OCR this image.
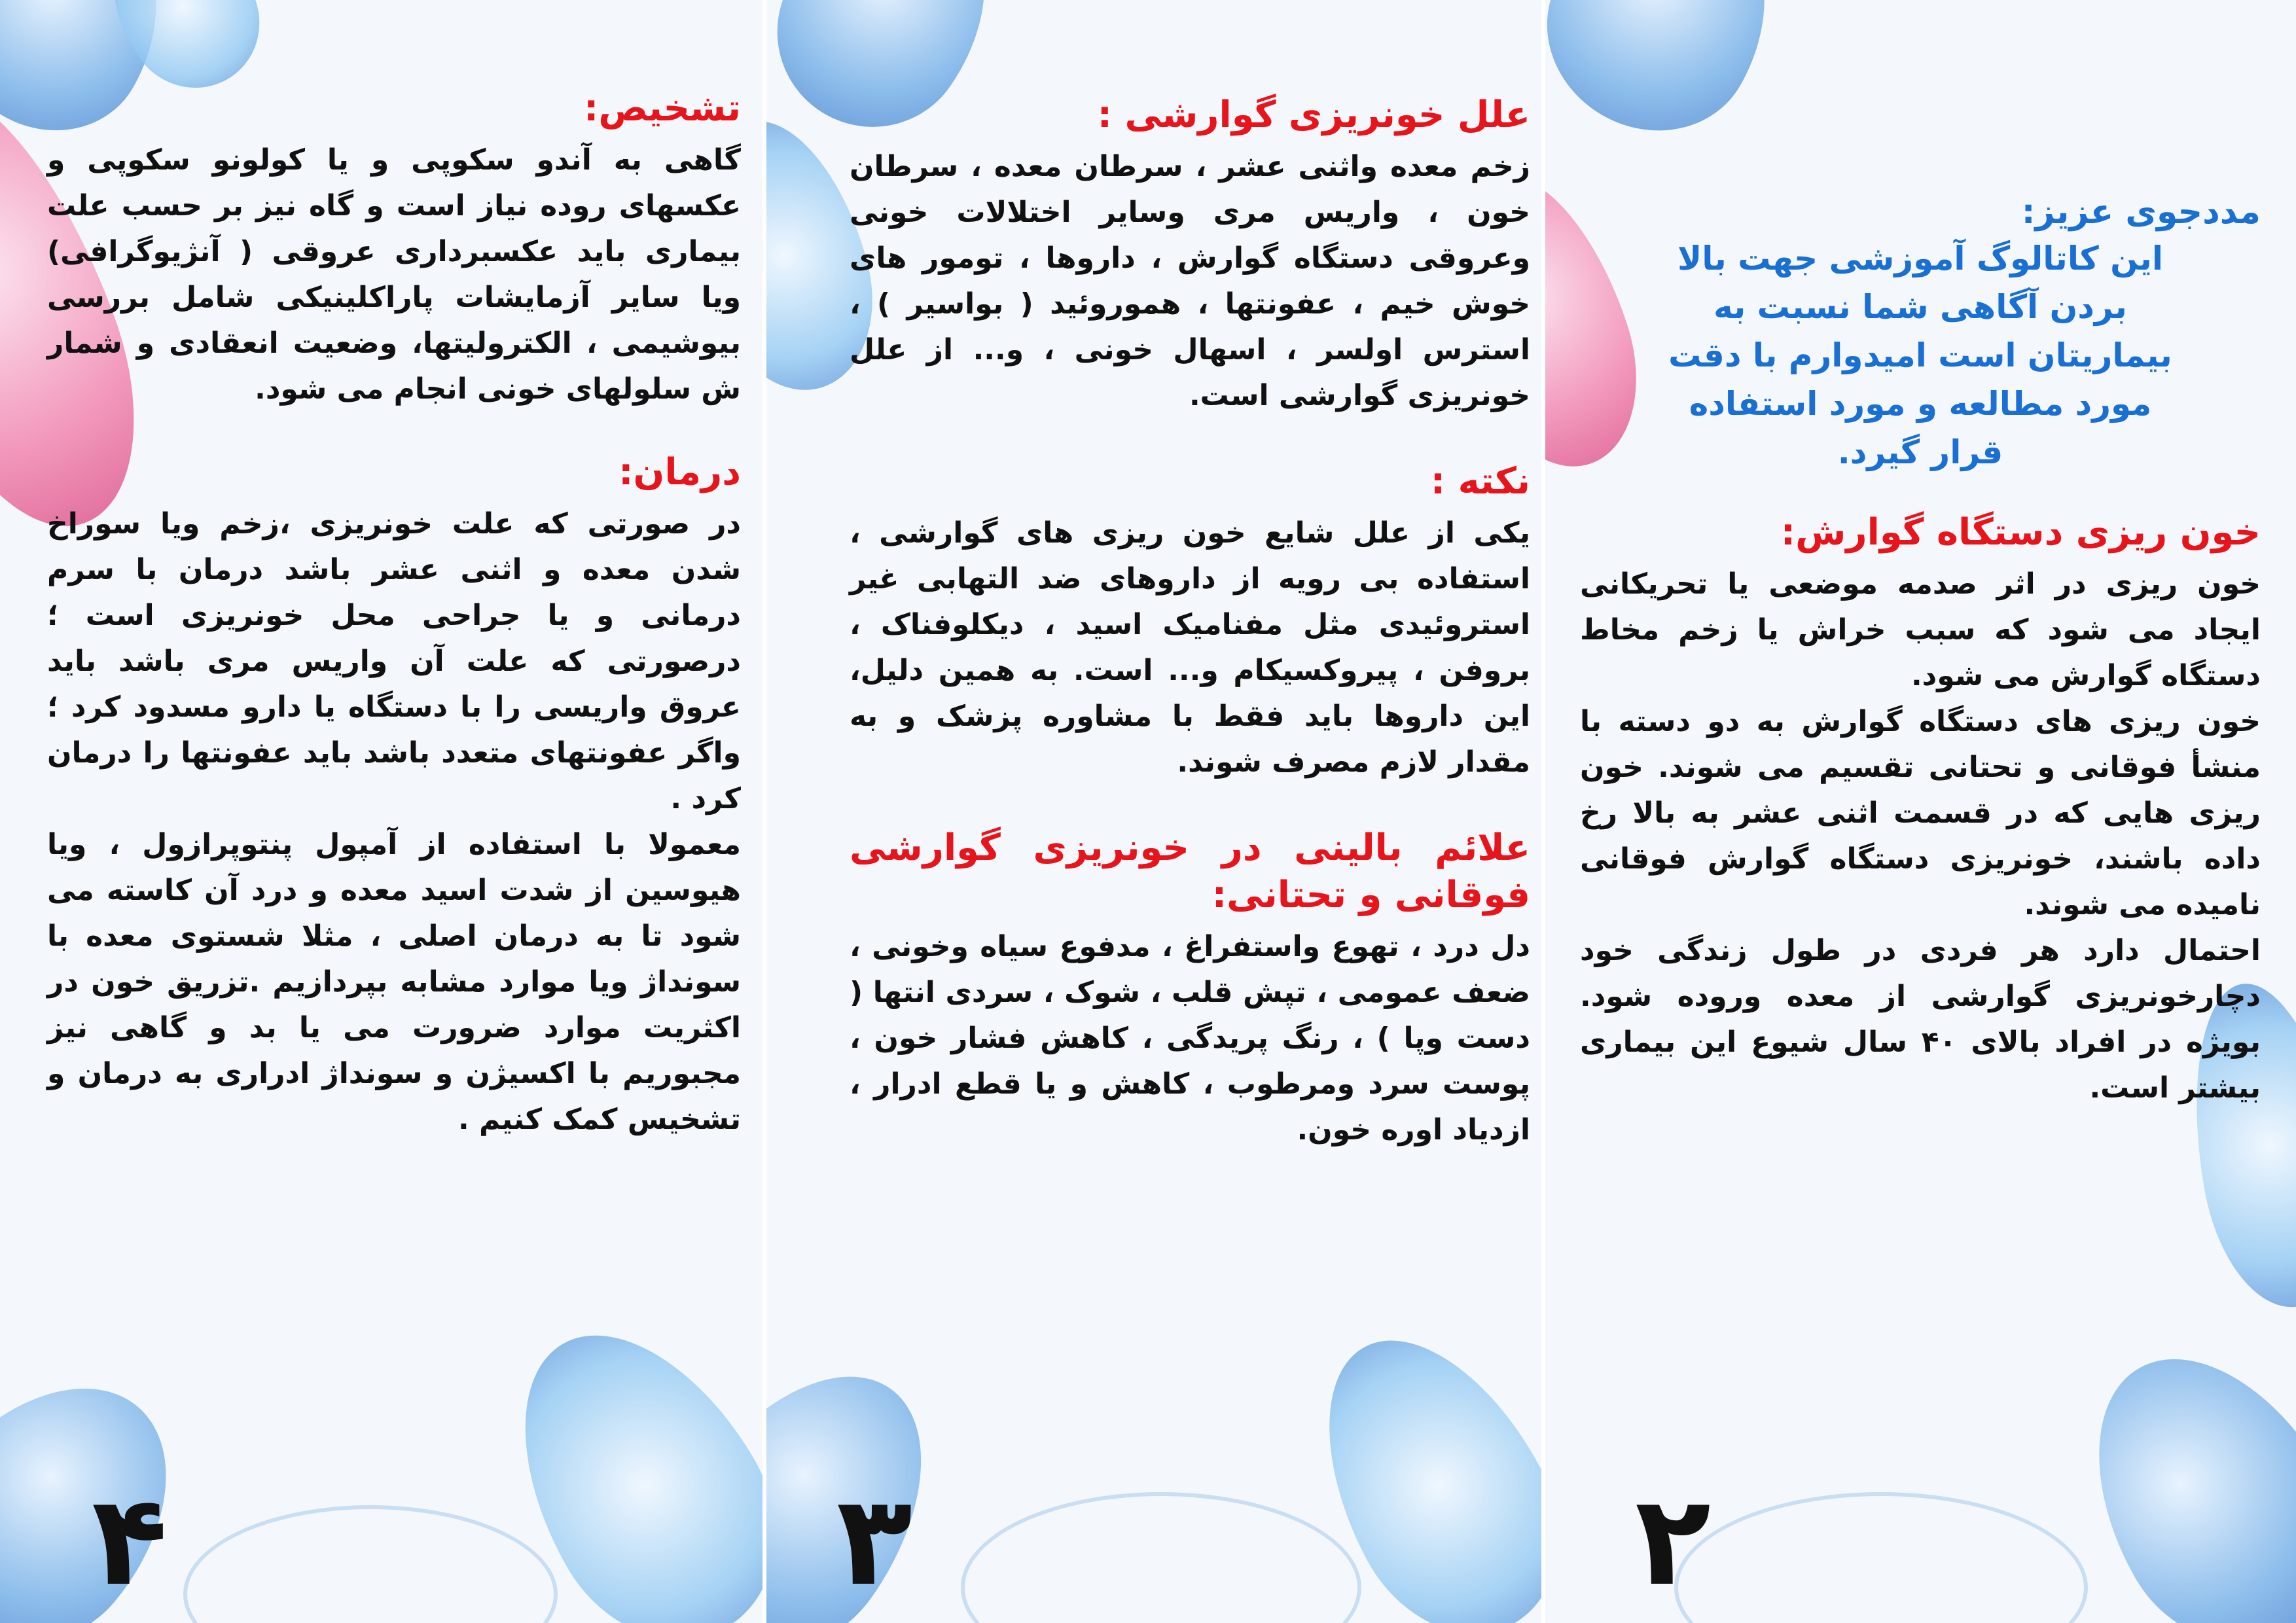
تشخیص:

گاهی به آندو سکوپی و یا کولونو سکوپی و عکسهای روده نیاز است و گاه نیز بر حسب علت بیماری باید عکسبرداری عروقی ( آنژیوگرافی) ویا سایر آزمایشات پاراکلینیکی شامل بررسی بیوشیمی ، الکترولیتها، وضعیت انعقادی و شمار ش سلولهای خونی انجام می شود.

درمان:

در صورتی که علت خونریزی ،زخم ویا سوراخ شدن معده و اثنی عشر باشد درمان با سرم درمانی و یا جراحی محل خونریزی است ؛ درصورتی که علت آن واریس مری باشد باید عروق واریسی را با دستگاه یا دارو مسدود کرد ؛ واگر عفونتهای متعدد باشد باید عفونتها را درمان کرد .

معمولا با استفاده از آمپول پنتوپرازول ، ویا هیوسین از شدت اسید معده و درد آن کاسته می شود تا به درمان اصلی ، مثلا شستوی معده با سونداژ ویا موارد مشابه بپردازیم .تزریق خون در اکثریت موارد ضرورت می یا بد و گاهی نیز مجبوریم با اکسیژن و سونداژ ادراری به درمان و تشخیس کمک کنیم .

۴
علل خونریزی گوارشی :

زخم معده واثنی عشر ، سرطان معده ، سرطان خون ، واریس مری وسایر اختلالات خونی وعروقی دستگاه گوارش ، داروها ، تومور های خوش خیم ، عفونتها ، هموروئید ( بواسیر ) ، استرس اولسر ، اسهال خونی ، و... از علل خونریزی گوارشی است.

نکته :

یکی از علل شایع خون ریزی های گوارشی ، استفاده بی رویه از داروهای ضد التهابی غیر استروئیدی مثل مفنامیک اسید ، دیکلوفناک ، بروفن ، پیروکسیکام و... است. به همین دلیل، این داروها باید فقط با مشاوره پزشک و به مقدار لازم مصرف شوند.

علائم بالینی در خونریزی گوارشی فوقانی و تحتانی:

دل درد ، تهوع واستفراغ ، مدفوع سیاه وخونی ، ضعف عمومی ، تپش قلب ، شوک ، سردی انتها ( دست وپا ) ، رنگ پریدگی ، کاهش فشار خون ، پوست سرد ومرطوب ، کاهش و یا قطع ادرار ، ازدیاد اوره خون.

۳
مددجوی عزیز:

این کاتالوگ آموزشی جهت بالا بردن آگاهی شما نسبت به بیماریتان است امیدوارم با دقت مورد مطالعه و مورد استفاده قرار گیرد.

خون ریزی دستگاه گوارش:

خون ریزی در اثر صدمه موضعی یا تحریکانی ایجاد می شود که سبب خراش یا زخم مخاط دستگاه گوارش می شود.

خون ریزی های دستگاه گوارش به دو دسته با منشأ فوقانی و تحتانی تقسیم می شوند. خون ریزی هایی که در قسمت اثنی عشر به بالا رخ داده باشند، خونریزی دستگاه گوارش فوقانی نامیده می شوند.

احتمال دارد هر فردی در طول زندگی خود دچارخونریزی گوارشی از معده وروده شود. بویژه در افراد بالای ۴۰ سال شیوع این بیماری بیشتر است.

۲
